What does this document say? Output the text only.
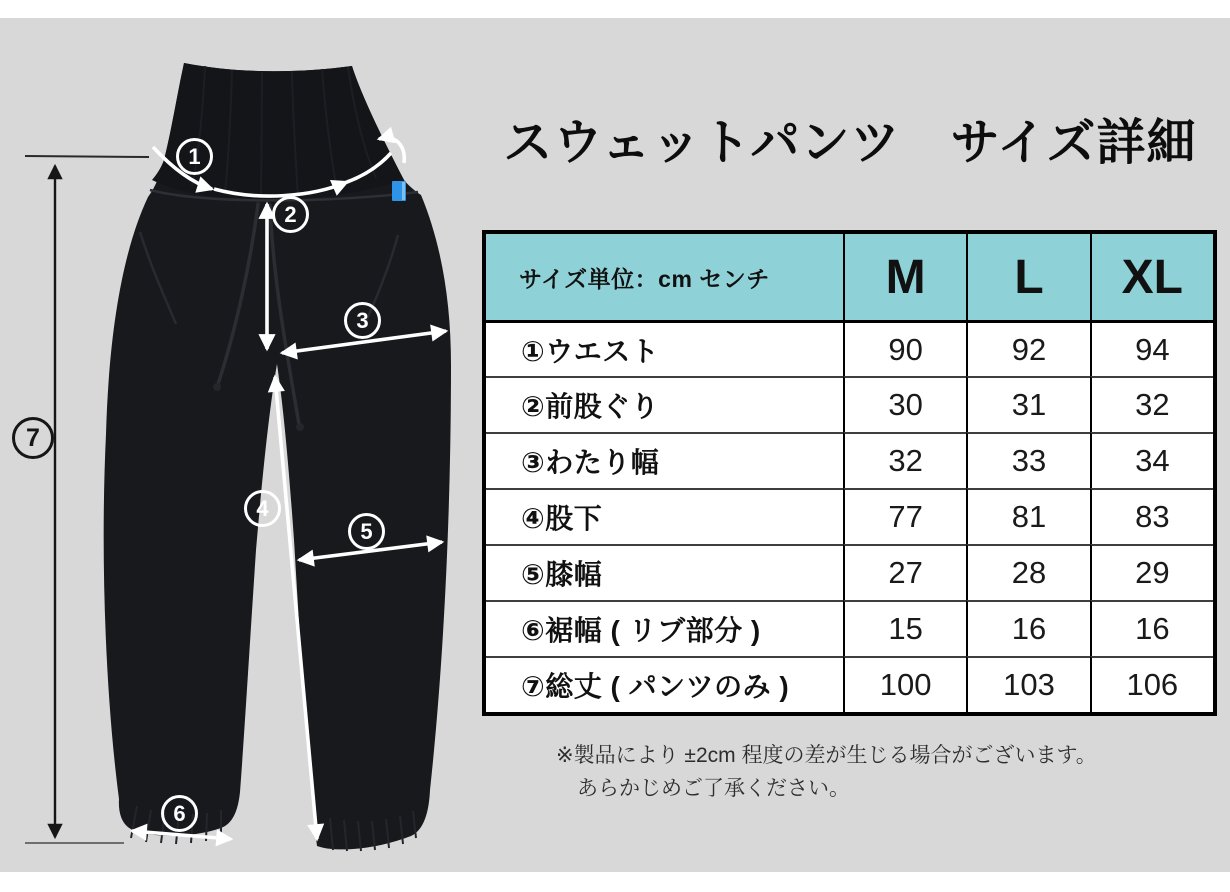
1
2
3
4
5
6
7
スウェットパンツ　サイズ詳細
サイズ単位：cm センチ	M	L	XL
①ウエスト	90	92	94
②前股ぐり	30	31	32
③わたり幅	32	33	34
④股下	77	81	83
⑤膝幅	27	28	29
⑥裾幅 ( リブ部分 )	15	16	16
⑦総丈 ( パンツのみ )	100	103	106
※製品により ±2cm 程度の差が生じる場合がございます。
あらかじめご了承ください。
